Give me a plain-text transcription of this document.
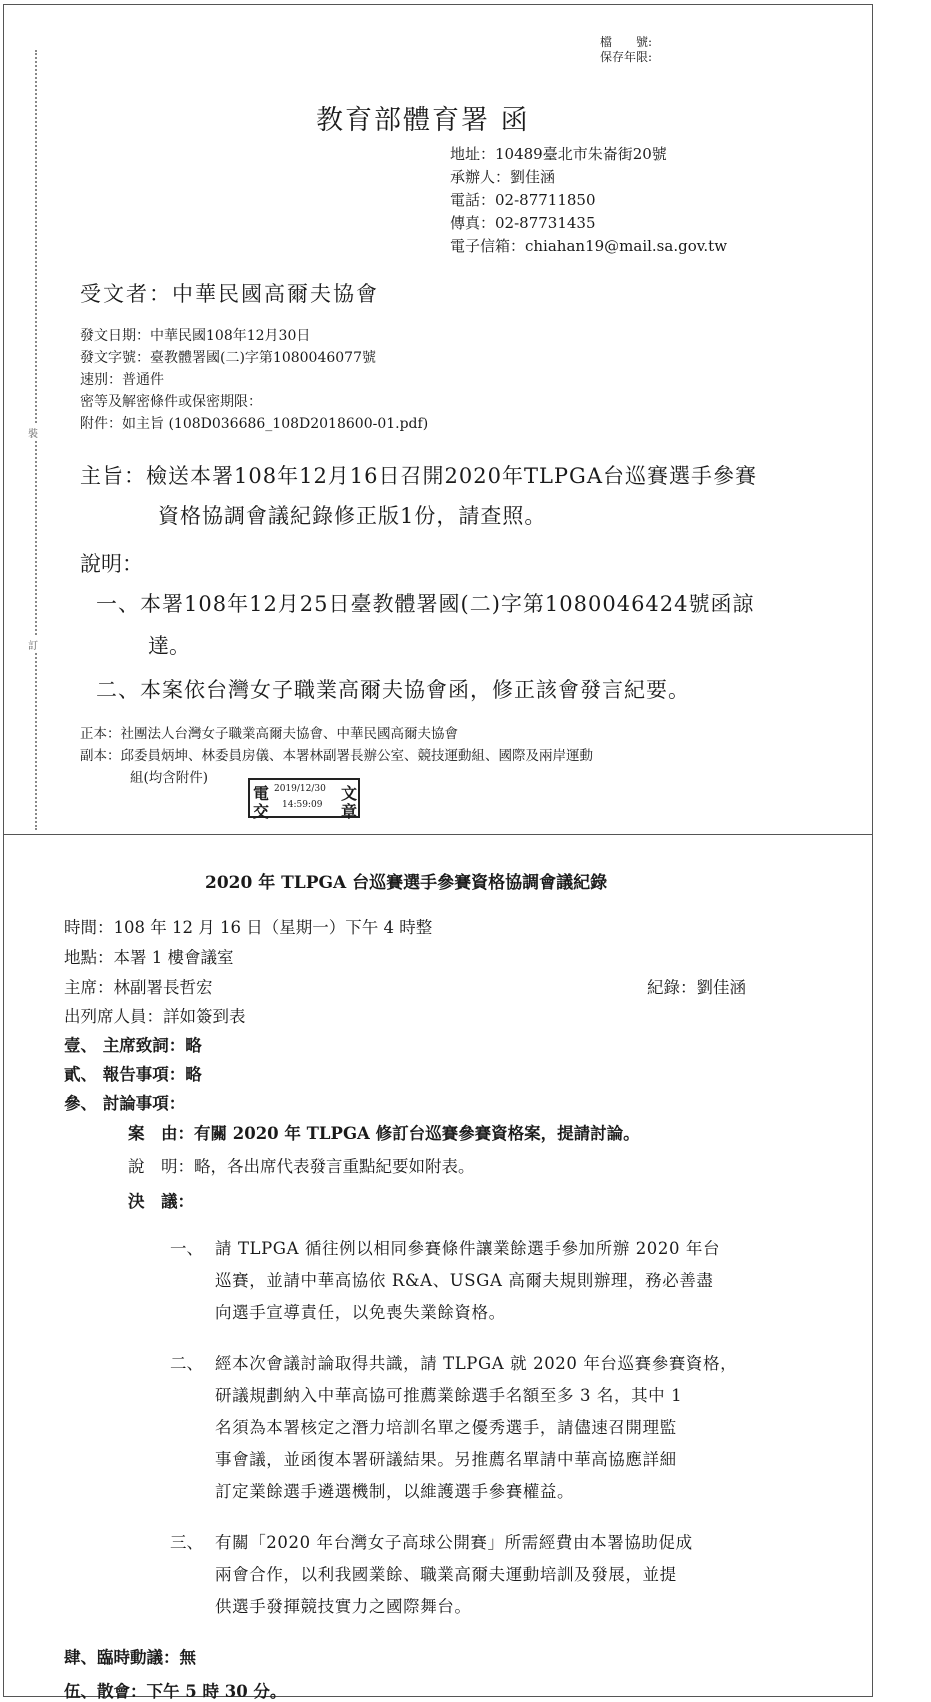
裝
訂
檔　　號:
保存年限:
教育部體育署 函
地址：10489臺北市朱崙街20號
承辦人：劉佳涵
電話：02-87711850
傳真：02-87731435
電子信箱：chiahan19@mail.sa.gov.tw
受文者：中華民國高爾夫協會
發文日期：中華民國108年12月30日
發文字號：臺教體署國(二)字第1080046077號
速別：普通件
密等及解密條件或保密期限：
附件：如主旨 (108D036686_108D2018600-01.pdf)
主旨：檢送本署108年12月16日召開2020年TLPGA台巡賽選手參賽
資格協調會議紀錄修正版1份，請查照。
說明：
一、本署108年12月25日臺教體署國(二)字第1080046424號函諒
達。
二、本案依台灣女子職業高爾夫協會函，修正該會發言紀要。
正本：社團法人台灣女子職業高爾夫協會、中華民國高爾夫協會
副本：邱委員炳坤、林委員房儀、本署林副署長辦公室、競技運動組、國際及兩岸運動
組(均含附件)
電	文
交	章
2019/12/30
14:59:09
2020 年 TLPGA 台巡賽選手參賽資格協調會議紀錄
時間：108 年 12 月 16 日（星期一）下午 4 時整
地點：本署 1 樓會議室
主席：林副署長哲宏	紀錄：劉佳涵
出列席人員：詳如簽到表
壹、 主席致詞：略
貳、 報告事項：略
參、 討論事項：
案　由：有關 2020 年 TLPGA 修訂台巡賽參賽資格案，提請討論。
說　明：略，各出席代表發言重點紀要如附表。
決　議：
一、 請 TLPGA 循往例以相同參賽條件讓業餘選手參加所辦 2020 年台
巡賽，並請中華高協依 R&A、USGA 高爾夫規則辦理，務必善盡
向選手宣導責任，以免喪失業餘資格。
二、 經本次會議討論取得共識，請 TLPGA 就 2020 年台巡賽參賽資格，
研議規劃納入中華高協可推薦業餘選手名額至多 3 名，其中 1
名須為本署核定之潛力培訓名單之優秀選手，請儘速召開理監
事會議，並函復本署研議結果。另推薦名單請中華高協應詳細
訂定業餘選手遴選機制，以維護選手參賽權益。
三、 有關「2020 年台灣女子高球公開賽」所需經費由本署協助促成
兩會合作，以利我國業餘、職業高爾夫運動培訓及發展，並提
供選手發揮競技實力之國際舞台。
肆、臨時動議：無
伍、散會：下午 5 時 30 分。
